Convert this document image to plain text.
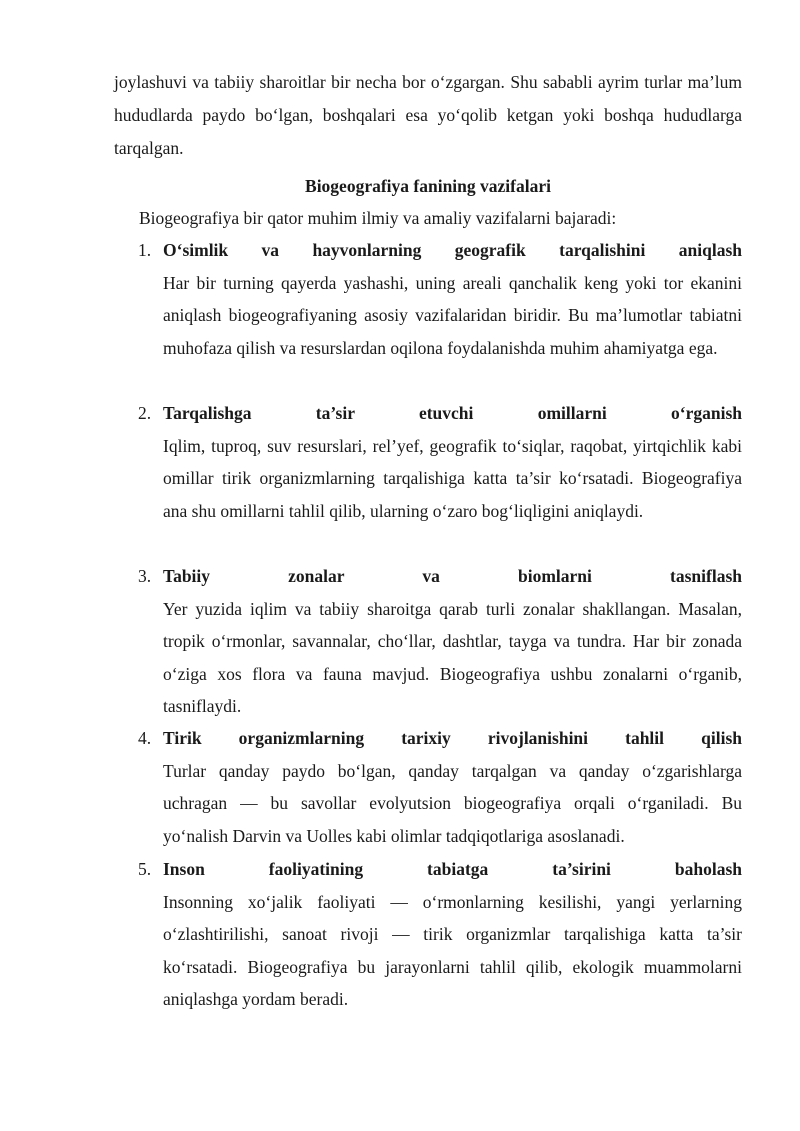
joylashuvi va tabiiy sharoitlar bir necha bor o‘zgargan. Shu sababli ayrim turlar ma’lum hududlarda paydo bo‘lgan, boshqalari esa yo‘qolib ketgan yoki boshqa hududlarga tarqalgan.

Biogeografiya fanining vazifalari
Biogeografiya bir qator muhim ilmiy va amaliy vazifalarni bajaradi:
1. O‘simlik va hayvonlarning geografik tarqalishini aniqlash
Har bir turning qayerda yashashi, uning areali qanchalik keng yoki tor ekanini aniqlash biogeografiyaning asosiy vazifalaridan biridir. Bu ma’lumotlar tabiatni muhofaza qilish va resurslardan oqilona foydalanishda muhim ahamiyatga ega.
2. Tarqalishga ta’sir etuvchi omillarni o‘rganish
Iqlim, tuproq, suv resurslari, rel’yef, geografik to‘siqlar, raqobat, yirtqichlik kabi omillar tirik organizmlarning tarqalishiga katta ta’sir ko‘rsatadi. Biogeografiya ana shu omillarni tahlil qilib, ularning o‘zaro bog‘liqligini aniqlaydi.
3. Tabiiy zonalar va biomlarni tasniflash
Yer yuzida iqlim va tabiiy sharoitga qarab turli zonalar shakllangan. Masalan, tropik o‘rmonlar, savannalar, cho‘llar, dashtlar, tayga va tundra. Har bir zonada o‘ziga xos flora va fauna mavjud. Biogeografiya ushbu zonalarni o‘rganib, tasniflaydi.
4. Tirik organizmlarning tarixiy rivojlanishini tahlil qilish
Turlar qanday paydo bo‘lgan, qanday tarqalgan va qanday o‘zgarishlarga uchragan — bu savollar evolyutsion biogeografiya orqali o‘rganiladi. Bu yo‘nalish Darvin va Uolles kabi olimlar tadqiqotlariga asoslanadi.
5. Inson faoliyatining tabiatga ta’sirini baholash
Insonning xo‘jalik faoliyati — o‘rmonlarning kesilishi, yangi yerlarning o‘zlashtirilishi, sanoat rivoji — tirik organizmlar tarqalishiga katta ta’sir ko‘rsatadi. Biogeografiya bu jarayonlarni tahlil qilib, ekologik muammolarni aniqlashga yordam beradi.
